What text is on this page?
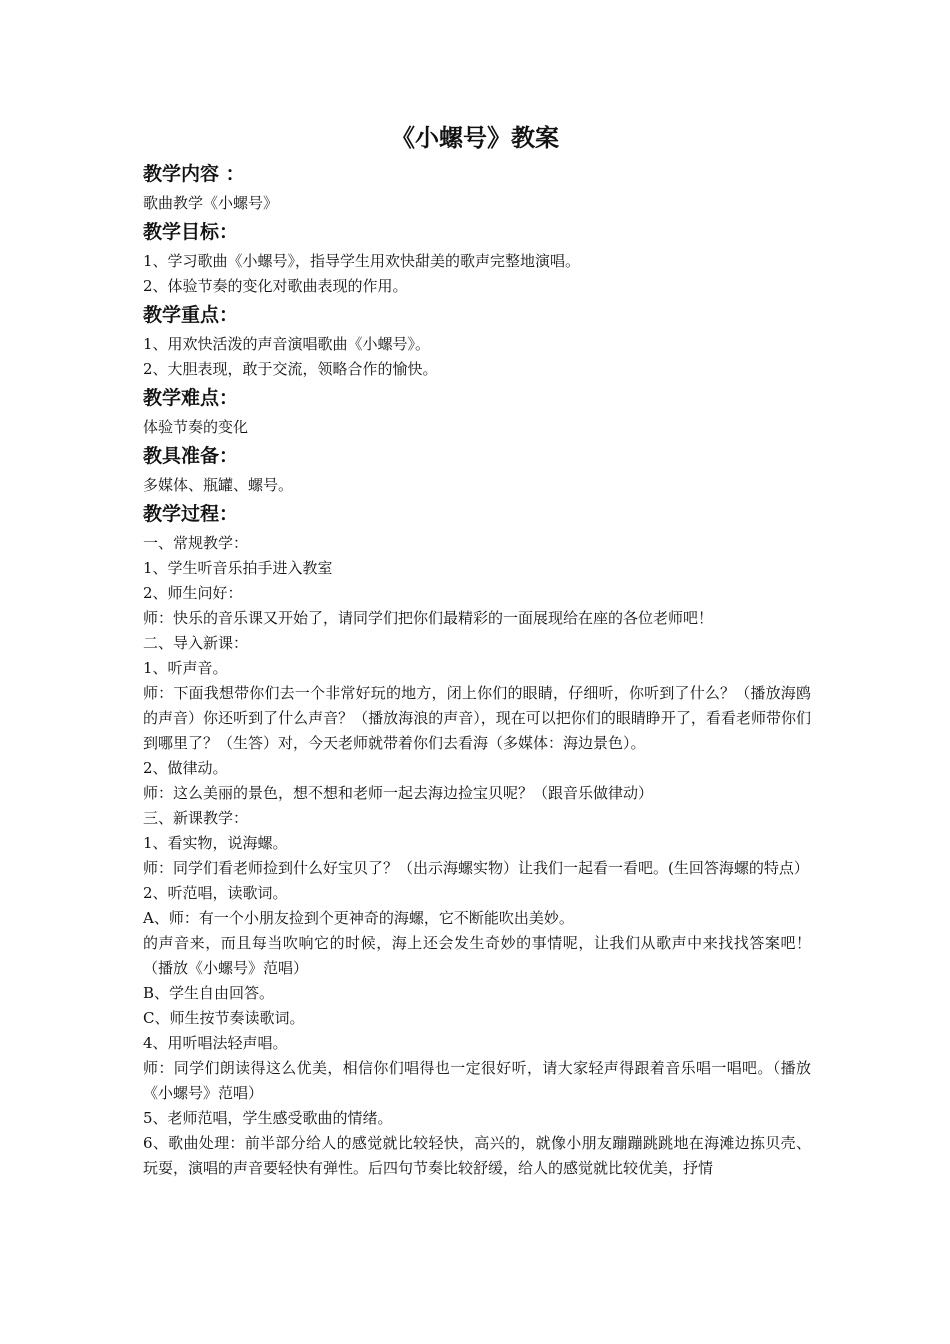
《小螺号》教案
教学内容 ：
歌曲教学《小螺号》
教学目标：
1、学习歌曲《小螺号》，指导学生用欢快甜美的歌声完整地演唱。
2、体验节奏的变化对歌曲表现的作用。
教学重点：
1、用欢快活泼的声音演唱歌曲《小螺号》。
2、大胆表现，敢于交流，领略合作的愉快。
教学难点：
体验节奏的变化
教具准备：
多媒体、瓶罐、螺号。
教学过程：
一、常规教学：
1、学生听音乐拍手进入教室
2、师生问好：
师：快乐的音乐课又开始了，请同学们把你们最精彩的一面展现给在座的各位老师吧！
二、导入新课：
1、听声音。
师：下面我想带你们去一个非常好玩的地方，闭上你们的眼睛，仔细听，你听到了什么？（播放海鸥的声音）你还听到了什么声音？（播放海浪的声音），现在可以把你们的眼睛睁开了，看看老师带你们到哪里了？（生答）对，今天老师就带着你们去看海（多媒体：海边景色）。
2、做律动。
师：这么美丽的景色，想不想和老师一起去海边捡宝贝呢？（跟音乐做律动）
三、新课教学：
1、看实物，说海螺。
师：同学们看老师捡到什么好宝贝了？（出示海螺实物）让我们一起看一看吧。(生回答海螺的特点）
2、听范唱，读歌词。
A、师：有一个小朋友捡到个更神奇的海螺，它不断能吹出美妙。
的声音来，而且每当吹响它的时候，海上还会发生奇妙的事情呢，让我们从歌声中来找找答案吧！（播放《小螺号》范唱）
B、学生自由回答。
C、师生按节奏读歌词。
4、用听唱法轻声唱。
师：同学们朗读得这么优美，相信你们唱得也一定很好听，请大家轻声得跟着音乐唱一唱吧。（播放《小螺号》范唱）
5、老师范唱，学生感受歌曲的情绪。
6、歌曲处理：前半部分给人的感觉就比较轻快，高兴的，就像小朋友蹦蹦跳跳地在海滩边拣贝壳、玩耍，演唱的声音要轻快有弹性。后四句节奏比较舒缓，给人的感觉就比较优美，抒情
